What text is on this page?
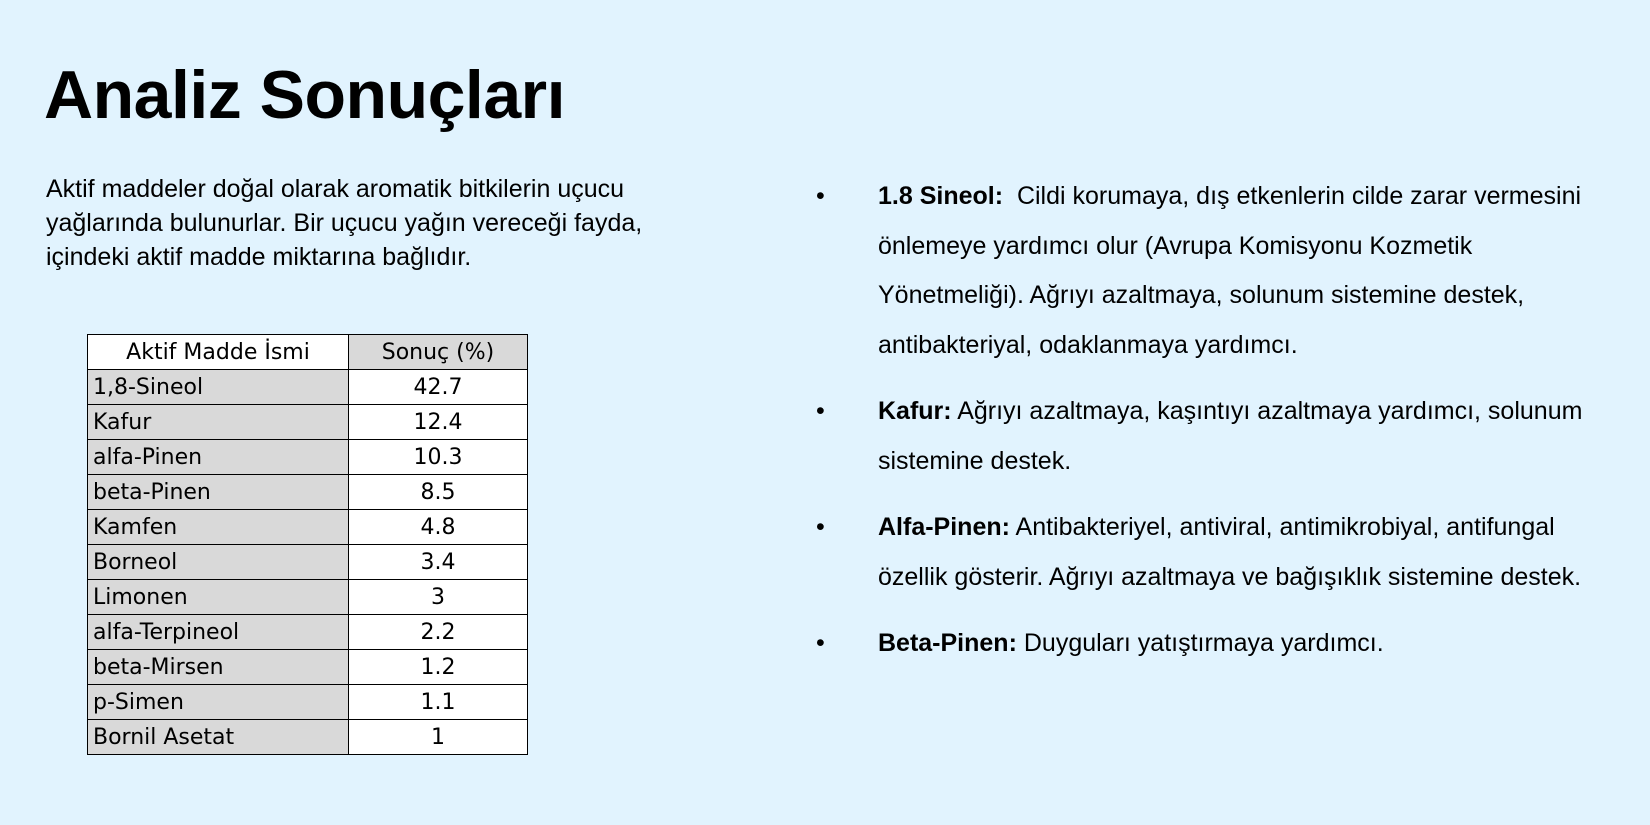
Analiz Sonuçları

Aktif maddeler doğal olarak aromatik bitkilerin uçucu yağlarında bulunurlar. Bir uçucu yağın vereceği fayda, içindeki aktif madde miktarına bağlıdır.

Aktif Madde İsmi	Sonuç (%)
1,8-Sineol	42.7
Kafur	12.4
alfa-Pinen	10.3
beta-Pinen	8.5
Kamfen	4.8
Borneol	3.4
Limonen	3
alfa-Terpineol	2.2
beta-Mirsen	1.2
p-Simen	1.1
Bornil Asetat	1
• 1.8 Sineol: Cildi korumaya, dış etkenlerin cilde zarar vermesini önlemeye yardımcı olur (Avrupa Komisyonu Kozmetik Yönetmeliği). Ağrıyı azaltmaya, solunum sistemine destek, antibakteriyal, odaklanmaya yardımcı.
• Kafur: Ağrıyı azaltmaya, kaşıntıyı azaltmaya yardımcı, solunum sistemine destek.
• Alfa-Pinen: Antibakteriyel, antiviral, antimikrobiyal, antifungal özellik gösterir. Ağrıyı azaltmaya ve bağışıklık sistemine destek.
• Beta-Pinen: Duyguları yatıştırmaya yardımcı.
